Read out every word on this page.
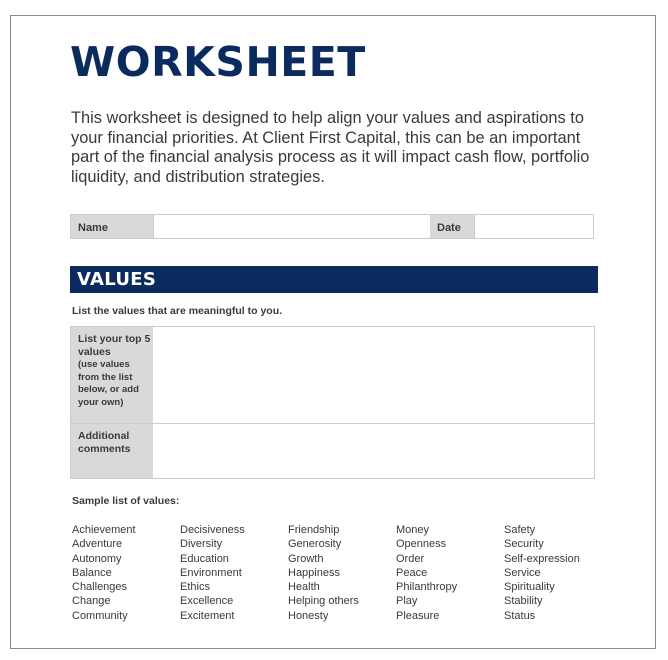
WORKSHEET

This worksheet is designed to help align your values and aspirations to your financial priorities. At Client First Capital, this can be an important part of the financial analysis process as it will impact cash flow, portfolio liquidity, and distribution strategies.

Name	Date
VALUES
List the values that are meaningful to you.
List your top 5 values
(use values from the list below, or add your own)
Additional comments
Sample list of values:
Achievement
Adventure
Autonomy
Balance
Challenges
Change
Community
Decisiveness
Diversity
Education
Environment
Ethics
Excellence
Excitement
Friendship
Generosity
Growth
Happiness
Health
Helping others
Honesty
Money
Openness
Order
Peace
Philanthropy
Play
Pleasure
Safety
Security
Self-expression
Service
Spirituality
Stability
Status
